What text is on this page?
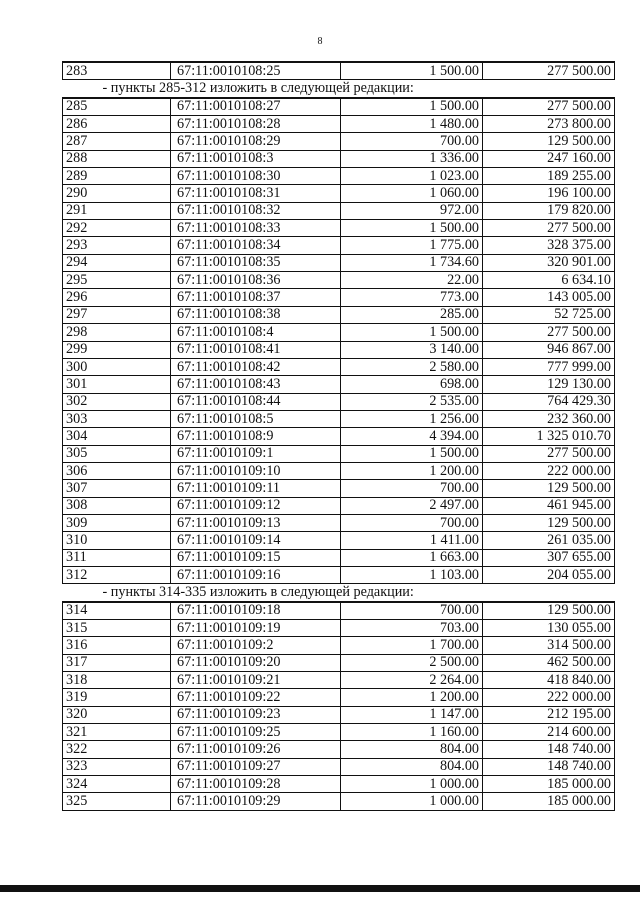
8
283	67:11:0010108:25	1 500.00	277 500.00
- пункты 285-312 изложить в следующей редакции:			
285	67:11:0010108:27	1 500.00	277 500.00
286	67:11:0010108:28	1 480.00	273 800.00
287	67:11:0010108:29	700.00	129 500.00
288	67:11:0010108:3	1 336.00	247 160.00
289	67:11:0010108:30	1 023.00	189 255.00
290	67:11:0010108:31	1 060.00	196 100.00
291	67:11:0010108:32	972.00	179 820.00
292	67:11:0010108:33	1 500.00	277 500.00
293	67:11:0010108:34	1 775.00	328 375.00
294	67:11:0010108:35	1 734.60	320 901.00
295	67:11:0010108:36	22.00	6 634.10
296	67:11:0010108:37	773.00	143 005.00
297	67:11:0010108:38	285.00	52 725.00
298	67:11:0010108:4	1 500.00	277 500.00
299	67:11:0010108:41	3 140.00	946 867.00
300	67:11:0010108:42	2 580.00	777 999.00
301	67:11:0010108:43	698.00	129 130.00
302	67:11:0010108:44	2 535.00	764 429.30
303	67:11:0010108:5	1 256.00	232 360.00
304	67:11:0010108:9	4 394.00	1 325 010.70
305	67:11:0010109:1	1 500.00	277 500.00
306	67:11:0010109:10	1 200.00	222 000.00
307	67:11:0010109:11	700.00	129 500.00
308	67:11:0010109:12	2 497.00	461 945.00
309	67:11:0010109:13	700.00	129 500.00
310	67:11:0010109:14	1 411.00	261 035.00
311	67:11:0010109:15	1 663.00	307 655.00
312	67:11:0010109:16	1 103.00	204 055.00
- пункты 314-335 изложить в следующей редакции:			
314	67:11:0010109:18	700.00	129 500.00
315	67:11:0010109:19	703.00	130 055.00
316	67:11:0010109:2	1 700.00	314 500.00
317	67:11:0010109:20	2 500.00	462 500.00
318	67:11:0010109:21	2 264.00	418 840.00
319	67:11:0010109:22	1 200.00	222 000.00
320	67:11:0010109:23	1 147.00	212 195.00
321	67:11:0010109:25	1 160.00	214 600.00
322	67:11:0010109:26	804.00	148 740.00
323	67:11:0010109:27	804.00	148 740.00
324	67:11:0010109:28	1 000.00	185 000.00
325	67:11:0010109:29	1 000.00	185 000.00
